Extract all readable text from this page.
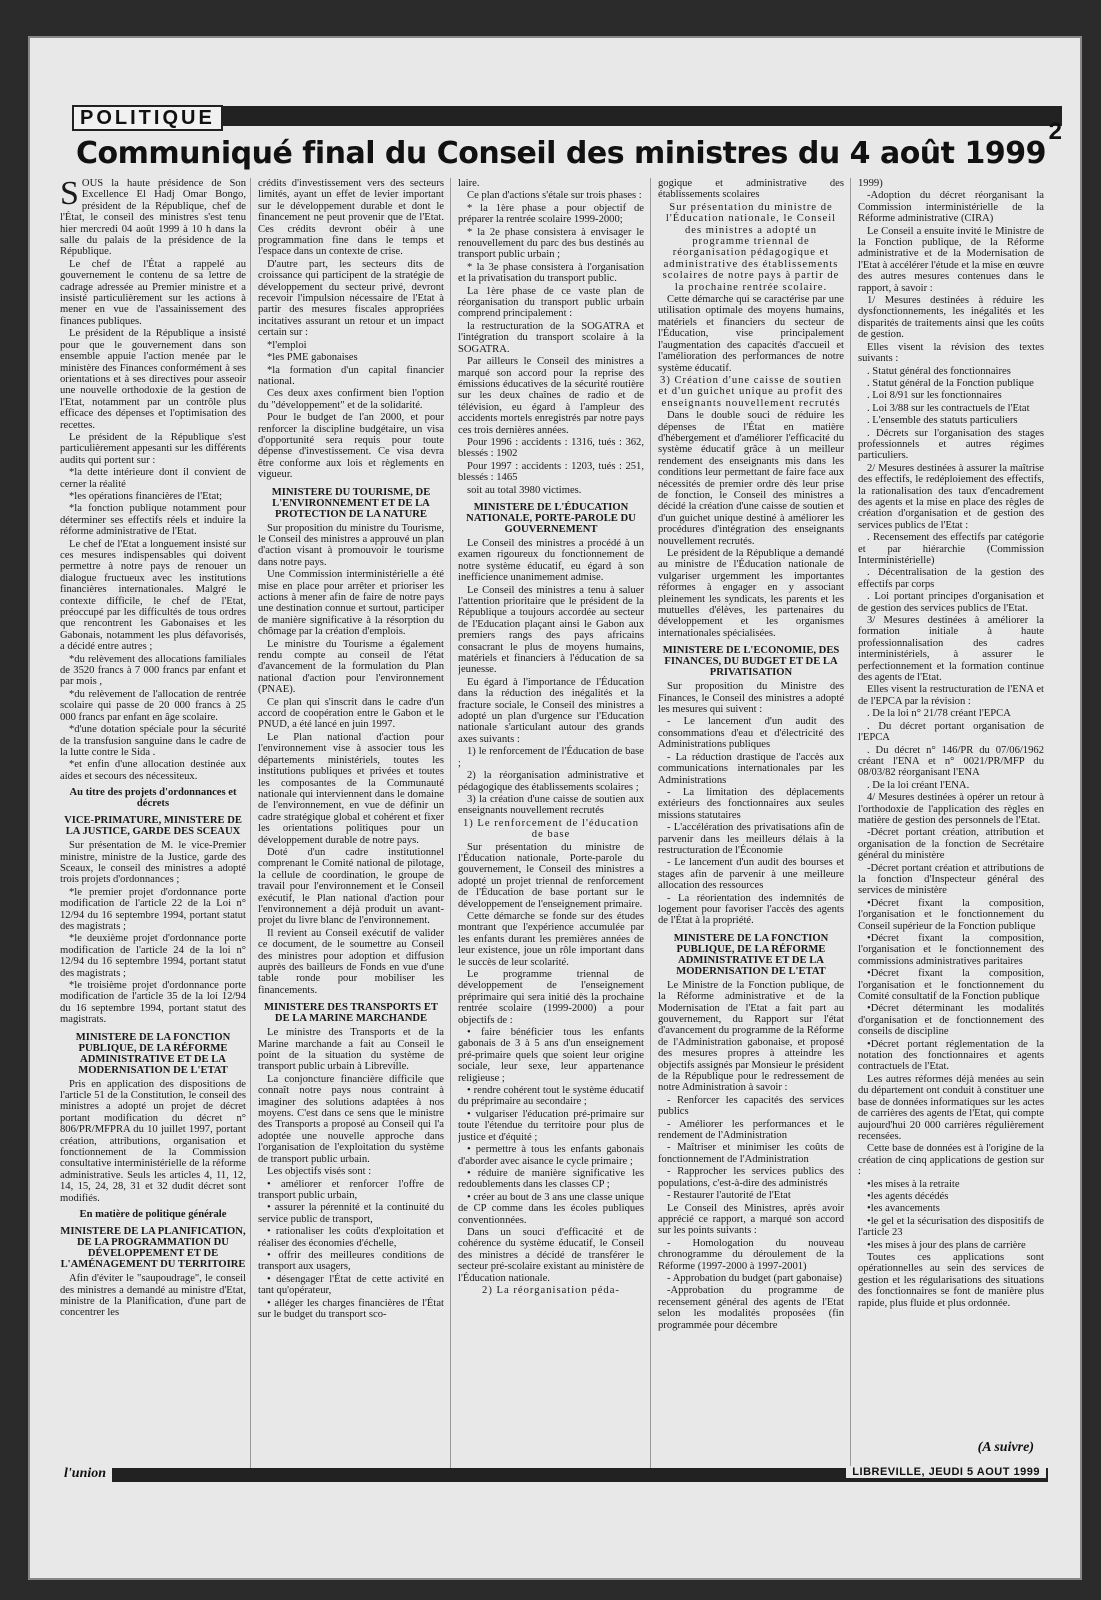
POLITIQUE	2
Communiqué final du Conseil des ministres du 4 août 1999

SOUS la haute présidence de Son Excellence El Hadj Omar Bongo, président de la République, chef de l'État, le conseil des ministres s'est tenu hier mercredi 04 août 1999 à 10 h dans la salle du palais de la présidence de la République.

Le chef de l'État a rappelé au gouvernement le contenu de sa lettre de cadrage adressée au Premier ministre et a insisté particulièrement sur les actions à mener en vue de l'assainissement des finances publiques.

Le président de la République a insisté pour que le gouvernement dans son ensemble appuie l'action menée par le ministère des Finances conformément à ses orientations et à ses directives pour asseoir une nouvelle orthodoxie de la gestion de l'Etat, notamment par un contrôle plus efficace des dépenses et l'optimisation des recettes.

Le président de la République s'est particulièrement appesanti sur les différents audits qui portent sur :

*la dette intérieure dont il convient de cerner la réalité

*les opérations financières de l'Etat;

*la fonction publique notamment pour déterminer ses effectifs réels et induire la réforme administrative de l'Etat.

Le chef de l'Etat a longuement insisté sur ces mesures indispensables qui doivent permettre à notre pays de renouer un dialogue fructueux avec les institutions financières internationales. Malgré le contexte difficile, le chef de l'Etat, préoccupé par les difficultés de tous ordres que rencontrent les Gabonaises et les Gabonais, notamment les plus défavorisés, a décidé entre autres ;

*du relèvement des allocations familiales de 3520 francs à 7 000 francs par enfant et par mois ,

*du relèvement de l'allocation de rentrée scolaire qui passe de 20 000 francs à 25 000 francs par enfant en âge scolaire.

*d'une dotation spéciale pour la sécurité de la transfusion sanguine dans le cadre de la lutte contre le Sida .

*et enfin d'une allocation destinée aux aides et secours des nécessiteux.

Au titre des projets d'ordonnances et décrets
VICE-PRIMATURE, MINISTERE DE LA JUSTICE, GARDE DES SCEAUX

Sur présentation de M. le vice-Premier ministre, ministre de la Justice, garde des Sceaux, le conseil des ministres a adopté trois projets d'ordonnances ;

*le premier projet d'ordonnance porte modification de l'article 22 de la Loi n° 12/94 du 16 septembre 1994, portant statut des magistrats ;

*le deuxième projet d'ordonnance porte modification de l'article 24 de la loi n° 12/94 du 16 septembre 1994, portant statut des magistrats ;

*le troisième projet d'ordonnance porte modification de l'article 35 de la loi 12/94 du 16 septembre 1994, portant statut des magistrats.

MINISTERE DE LA FONCTION PUBLIQUE, DE LA RÉFORME ADMINISTRATIVE ET DE LA MODERNISATION DE L'ETAT

Pris en application des dispositions de l'article 51 de la Constitution, le conseil des ministres a adopté un projet de décret portant modification du décret n° 806/PR/MFPRA du 10 juillet 1997, portant création, attributions, organisation et fonctionnement de la Commission consultative interministérielle de la réforme administrative. Seuls les articles 4, 11, 12, 14, 15, 24, 28, 31 et 32 dudit décret sont modifiés.

En matière de politique générale
MINISTERE DE LA PLANIFICATION, DE LA PROGRAMMATION DU DÉVELOPPEMENT ET DE L'AMÉNAGEMENT DU TERRITOIRE

Afin d'éviter le "saupoudrage", le conseil des ministres a demandé au ministre d'Etat, ministre de la Planification, d'une part de concentrer les

crédits d'investissement vers des secteurs limités, ayant un effet de levier important sur le développement durable et dont le financement ne peut provenir que de l'Etat. Ces crédits devront obéir à une programmation fine dans le temps et l'espace dans un contexte de crise.

D'autre part, les secteurs dits de croissance qui participent de la stratégie de développement du secteur privé, devront recevoir l'impulsion nécessaire de l'Etat à partir des mesures fiscales appropriées incitatives assurant un retour et un impact certain sur :

*l'emploi

*les PME gabonaises

*la formation d'un capital financier national.

Ces deux axes confirment bien l'option du "développement" et de la solidarité.

Pour le budget de l'an 2000, et pour renforcer la discipline budgétaire, un visa d'opportunité sera requis pour toute dépense d'investissement. Ce visa devra être conforme aux lois et règlements en vigueur.

MINISTERE DU TOURISME, DE L'ENVIRONNEMENT ET DE LA PROTECTION DE LA NATURE

Sur proposition du ministre du Tourisme, le Conseil des ministres a approuvé un plan d'action visant à promouvoir le tourisme dans notre pays.

Une Commission interministérielle a été mise en place pour arrêter et prioriser les actions à mener afin de faire de notre pays une destination connue et surtout, participer de manière significative à la résorption du chômage par la création d'emplois.

Le ministre du Tourisme a également rendu compte au conseil de l'état d'avancement de la formulation du Plan national d'action pour l'environnement (PNAE).

Ce plan qui s'inscrit dans le cadre d'un accord de coopération entre le Gabon et le PNUD, a été lancé en juin 1997.

Le Plan national d'action pour l'environnement vise à associer tous les départements ministériels, toutes les institutions publiques et privées et toutes les composantes de la Communauté nationale qui interviennent dans le domaine de l'environnement, en vue de définir un cadre stratégique global et cohérent et fixer les orientations politiques pour un développement durable de notre pays.

Doté d'un cadre institutionnel comprenant le Comité national de pilotage, la cellule de coordination, le groupe de travail pour l'environnement et le Conseil exécutif, le Plan national d'action pour l'environnement a déjà produit un avant-projet du livre blanc de l'environnement.

Il revient au Conseil exécutif de valider ce document, de le soumettre au Conseil des ministres pour adoption et diffusion auprès des bailleurs de Fonds en vue d'une table ronde pour mobiliser les financements.

MINISTERE DES TRANSPORTS ET DE LA MARINE MARCHANDE

Le ministre des Transports et de la Marine marchande a fait au Conseil le point de la situation du système de transport public urbain à Libreville.

La conjoncture financière difficile que connaît notre pays nous contraint à imaginer des solutions adaptées à nos moyens. C'est dans ce sens que le ministre des Transports a proposé au Conseil qui l'a adoptée une nouvelle approche dans l'organisation de l'exploitation du système de transport public urbain.

Les objectifs visés sont :

• améliorer et renforcer l'offre de transport public urbain,

• assurer la pérennité et la continuité du service public de transport,

• rationaliser les coûts d'exploitation et réaliser des économies d'échelle,

• offrir des meilleures conditions de transport aux usagers,

• désengager l'État de cette activité en tant qu'opérateur,

• alléger les charges financières de l'État sur le budget du transport sco-

laire.

Ce plan d'actions s'étale sur trois phases :

* la 1ère phase a pour objectif de préparer la rentrée scolaire 1999-2000;

* la 2e phase consistera à envisager le renouvellement du parc des bus destinés au transport public urbain ;

* la 3e phase consistera à l'organisation et la privatisation du transport public.

La 1ère phase de ce vaste plan de réorganisation du transport public urbain comprend principalement :

la restructuration de la SOGATRA et l'intégration du transport scolaire à la SOGATRA.

Par ailleurs le Conseil des ministres a marqué son accord pour la reprise des émissions éducatives de la sécurité routière sur les deux chaînes de radio et de télévision, eu égard à l'ampleur des accidents mortels enregistrés par notre pays ces trois dernières années.

Pour 1996 : accidents : 1316, tués : 362, blessés : 1902

Pour 1997 : accidents : 1203, tués : 251, blessés : 1465

soit au total 3980 victimes.

MINISTERE DE L'ÉDUCATION NATIONALE, PORTE-PAROLE DU GOUVERNEMENT

Le Conseil des ministres a procédé à un examen rigoureux du fonctionnement de notre système éducatif, eu égard à son inefficience unanimement admise.

Le Conseil des ministres a tenu à saluer l'attention prioritaire que le président de la République a toujours accordée au secteur de l'Education plaçant ainsi le Gabon aux premiers rangs des pays africains consacrant le plus de moyens humains, matériels et financiers à l'éducation de sa jeunesse.

Eu égard à l'importance de l'Éducation dans la réduction des inégalités et la fracture sociale, le Conseil des ministres a adopté un plan d'urgence sur l'Education nationale s'articulant autour des grands axes suivants :

1) le renforcement de l'Éducation de base ;

2) la réorganisation administrative et pédagogique des établissements scolaires ;

3) la création d'une caisse de soutien aux enseignants nouvellement recrutés

1) Le renforcement de l'éducation de base

Sur présentation du ministre de l'Éducation nationale, Porte-parole du gouvernement, le Conseil des ministres a adopté un projet triennal de renforcement de l'Éducation de base portant sur le développement de l'enseignement primaire.

Cette démarche se fonde sur des études montrant que l'expérience accumulée par les enfants durant les premières années de leur existence, joue un rôle important dans le succès de leur scolarité.

Le programme triennal de développement de l'enseignement préprimaire qui sera initié dès la prochaine rentrée scolaire (1999-2000) a pour objectifs de :

• faire bénéficier tous les enfants gabonais de 3 à 5 ans d'un enseignement pré-primaire quels que soient leur origine sociale, leur sexe, leur appartenance religieuse ;

• rendre cohérent tout le système éducatif du préprimaire au secondaire ;

• vulgariser l'éducation pré-primaire sur toute l'étendue du territoire pour plus de justice et d'équité ;

• permettre à tous les enfants gabonais d'aborder avec aisance le cycle primaire ;

• réduire de manière significative les redoublements dans les classes CP ;

• créer au bout de 3 ans une classe unique de CP comme dans les écoles publiques conventionnées.

Dans un souci d'efficacité et de cohérence du système éducatif, le Conseil des ministres a décidé de transférer le secteur pré-scolaire existant au ministère de l'Éducation nationale.

2) La réorganisation péda-

gogique et administrative des établissements scolaires

Sur présentation du ministre de l'Éducation nationale, le Conseil des ministres a adopté un programme triennal de réorganisation pédagogique et administrative des établissements scolaires de notre pays à partir de la prochaine rentrée scolaire.

Cette démarche qui se caractérise par une utilisation optimale des moyens humains, matériels et financiers du secteur de l'Éducation, vise principalement l'augmentation des capacités d'accueil et l'amélioration des performances de notre système éducatif.

3) Création d'une caisse de soutien et d'un guichet unique au profit des enseignants nouvellement recrutés

Dans le double souci de réduire les dépenses de l'État en matière d'hébergement et d'améliorer l'efficacité du système éducatif grâce à un meilleur rendement des enseignants mis dans les conditions leur permettant de faire face aux nécessités de premier ordre dès leur prise de fonction, le Conseil des ministres a décidé la création d'une caisse de soutien et d'un guichet unique destiné à améliorer les procédures d'intégration des enseignants nouvellement recrutés.

Le président de la République a demandé au ministre de l'Éducation nationale de vulgariser urgemment les importantes réformes à engager en y associant pleinement les syndicats, les parents et les mutuelles d'élèves, les partenaires du développement et les organismes internationales spécialisées.

MINISTERE DE L'ECONOMIE, DES FINANCES, DU BUDGET ET DE LA PRIVATISATION

Sur proposition du Ministre des Finances, le Conseil des ministres a adopté les mesures qui suivent :

- Le lancement d'un audit des consommations d'eau et d'électricité des Administrations publiques

- La réduction drastique de l'accès aux communications internationales par les Administrations

- La limitation des déplacements extérieurs des fonctionnaires aux seules missions statutaires

- L'accélération des privatisations afin de parvenir dans les meilleurs délais à la restructuration de l'Économie

- Le lancement d'un audit des bourses et stages afin de parvenir à une meilleure allocation des ressources

- La réorientation des indemnités de logement pour favoriser l'accès des agents de l'État à la propriété.

MINISTERE DE LA FONCTION PUBLIQUE, DE LA RÉFORME ADMINISTRATIVE ET DE LA MODERNISATION DE L'ETAT

Le Ministre de la Fonction publique, de la Réforme administrative et de la Modernisation de l'Etat a fait part au gouvernement, du Rapport sur l'état d'avancement du programme de la Réforme de l'Administration gabonaise, et proposé des mesures propres à atteindre les objectifs assignés par Monsieur le président de la République pour le redressement de notre Administration à savoir :

- Renforcer les capacités des services publics

- Améliorer les performances et le rendement de l'Administration

- Maîtriser et minimiser les coûts de fonctionnement de l'Administration

- Rapprocher les services publics des populations, c'est-à-dire des administrés

- Restaurer l'autorité de l'Etat

Le Conseil des Ministres, après avoir apprécié ce rapport, a marqué son accord sur les points suivants :

- Homologation du nouveau chronogramme du déroulement de la Réforme (1997-2000 à 1997-2001)

- Approbation du budget (part gabonaise)

-Approbation du programme de recensement général des agents de l'Etat selon les modalités proposées (fin programmée pour décembre

1999)

-Adoption du décret réorganisant la Commission interministérielle de la Réforme administrative (CIRA)

Le Conseil a ensuite invité le Ministre de la Fonction publique, de la Réforme administrative et de la Modernisation de l'Etat à accélérer l'étude et la mise en œuvre des autres mesures contenues dans le rapport, à savoir :

1/ Mesures destinées à réduire les dysfonctionnements, les inégalités et les disparités de traitements ainsi que les coûts de gestion.

Elles visent la révision des textes suivants :

. Statut général des fonctionnaires

. Statut général de la Fonction publique

. Loi 8/91 sur les fonctionnaires

. Loi 3/88 sur les contractuels de l'Etat

. L'ensemble des statuts particuliers

. Décrets sur l'organisation des stages professionnels et autres régimes particuliers.

2/ Mesures destinées à assurer la maîtrise des effectifs, le redéploiement des effectifs, la rationalisation des taux d'encadrement des agents et la mise en place des règles de création d'organisation et de gestion des services publics de l'Etat :

. Recensement des effectifs par catégorie et par hiérarchie (Commission Interministérielle)

. Décentralisation de la gestion des effectifs par corps

. Loi portant principes d'organisation et de gestion des services publics de l'Etat.

3/ Mesures destinées à améliorer la formation initiale à haute professionnalisation des cadres interministériels, à assurer le perfectionnement et la formation continue des agents de l'Etat.

Elles visent la restructuration de l'ENA et de l'EPCA par la révision :

. De la loi n° 21/78 créant l'EPCA

. Du décret portant organisation de l'EPCA

. Du décret n° 146/PR du 07/06/1962 créant l'ENA et n° 0021/PR/MFP du 08/03/82 réorganisant l'ENA

. De la loi créant l'ENA.

4/ Mesures destinées à opérer un retour à l'orthodoxie de l'application des règles en matière de gestion des personnels de l'Etat.

-Décret portant création, attribution et organisation de la fonction de Secrétaire général du ministère

-Décret portant création et attributions de la fonction d'Inspecteur général des services de ministère

•Décret fixant la composition, l'organisation et le fonctionnement du Conseil supérieur de la Fonction publique

•Décret fixant la composition, l'organisation et le fonctionnement des commissions administratives paritaires

•Décret fixant la composition, l'organisation et le fonctionnement du Comité consultatif de la Fonction publique

•Décret déterminant les modalités d'organisation et de fonctionnement des conseils de discipline

•Décret portant réglementation de la notation des fonctionnaires et agents contractuels de l'Etat.

Les autres réformes déjà menées au sein du département ont conduit à constituer une base de données informatiques sur les actes de carrières des agents de l'Etat, qui compte aujourd'hui 20 000 carrières régulièrement recensées.

Cette base de données est à l'origine de la création de cinq applications de gestion sur :

•les mises à la retraite

•les agents décédés

•les avancements

•le gel et la sécurisation des dispositifs de l'article 23

•les mises à jour des plans de carrière

Toutes ces applications sont opérationnelles au sein des services de gestion et les régularisations des situations des fonctionnaires se font de manière plus rapide, plus fluide et plus ordonnée.

(A suivre)
l'union	LIBREVILLE, JEUDI 5 AOUT 1999
